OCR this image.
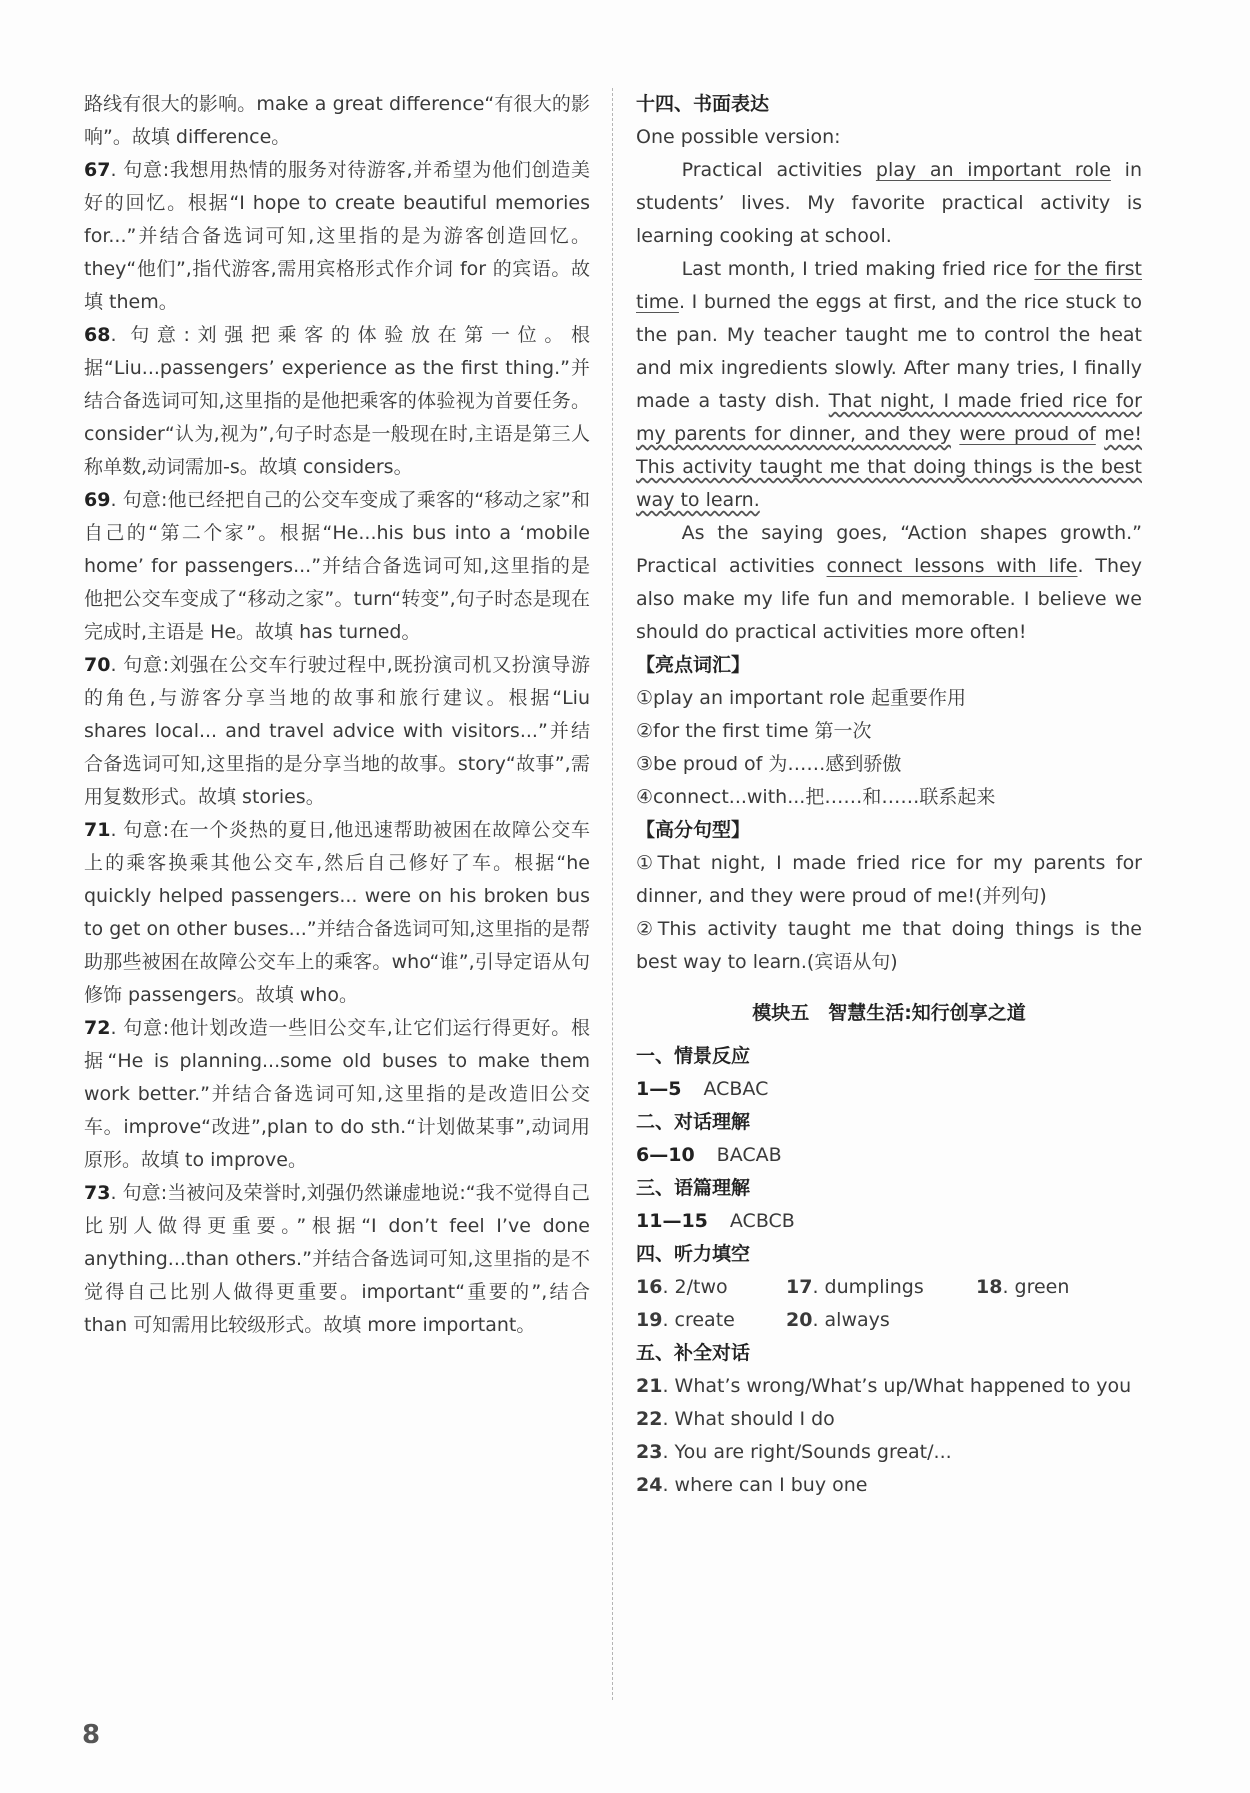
路线有很大的影响。make a great difference“有很大的影响”。故填 difference。

67. 句意:我想用热情的服务对待游客,并希望为他们创造美好的回忆。根据“I hope to create beautiful memories for...”并结合备选词可知,这里指的是为游客创造回忆。they“他们”,指代游客,需用宾格形式作介词 for 的宾语。故填 them。

68. 句意:刘强把乘客的体验放在第一位。根据“Liu...passengers’ experience as the first thing.”并结合备选词可知,这里指的是他把乘客的体验视为首要任务。consider“认为,视为”,句子时态是一般现在时,主语是第三人称单数,动词需加-s。故填 considers。

69. 句意:他已经把自己的公交车变成了乘客的“移动之家”和自己的“第二个家”。根据“He...his bus into a ‘mobile home’ for passengers...”并结合备选词可知,这里指的是他把公交车变成了“移动之家”。turn“转变”,句子时态是现在完成时,主语是 He。故填 has turned。

70. 句意:刘强在公交车行驶过程中,既扮演司机又扮演导游的角色,与游客分享当地的故事和旅行建议。根据“Liu shares local... and travel advice with visitors...”并结合备选词可知,这里指的是分享当地的故事。story“故事”,需用复数形式。故填 stories。

71. 句意:在一个炎热的夏日,他迅速帮助被困在故障公交车上的乘客换乘其他公交车,然后自己修好了车。根据“he quickly helped passengers... were on his broken bus to get on other buses...”并结合备选词可知,这里指的是帮助那些被困在故障公交车上的乘客。who“谁”,引导定语从句修饰 passengers。故填 who。

72. 句意:他计划改造一些旧公交车,让它们运行得更好。根据“He is planning...some old buses to make them work better.”并结合备选词可知,这里指的是改造旧公交车。improve“改进”,plan to do sth.“计划做某事”,动词用原形。故填 to improve。

73. 句意:当被问及荣誉时,刘强仍然谦虚地说:“我不觉得自己比别人做得更重要。”根据“I don’t feel I’ve done anything...than others.”并结合备选词可知,这里指的是不觉得自己比别人做得更重要。important“重要的”,结合 than 可知需用比较级形式。故填 more important。

十四、书面表达

One possible version:

Practical activities play an important role in students’ lives. My favorite practical activity is learning cooking at school.

Last month, I tried making fried rice for the first time. I burned the eggs at first, and the rice stuck to the pan. My teacher taught me to control the heat and mix ingredients slowly. After many tries, I finally made a tasty dish. That night, I made fried rice for my parents for dinner, and they were proud of me! This activity taught me that doing things is the best way to learn.

As the saying goes, “Action shapes growth.” Practical activities connect lessons with life. They also make my life fun and memorable. I believe we should do practical activities more often!

【亮点词汇】

①play an important role 起重要作用

②for the first time 第一次

③be proud of 为……感到骄傲

④connect...with...把……和……联系起来

【高分句型】

①That night, I made fried rice for my parents for dinner, and they were proud of me!(并列句)

②This activity taught me that doing things is the best way to learn.(宾语从句)

模块五　智慧生活:知行创享之道

一、情景反应

1—5 ACBAC

二、对话理解

6—10 BACAB

三、语篇理解

11—15 ACBCB

四、听力填空

16. 2/two	17. dumplings	18. green
19. create	20. always

五、补全对话

21. What’s wrong/What’s up/What happened to you

22. What should I do

23. You are right/Sounds great/...

24. where can I buy one

8
